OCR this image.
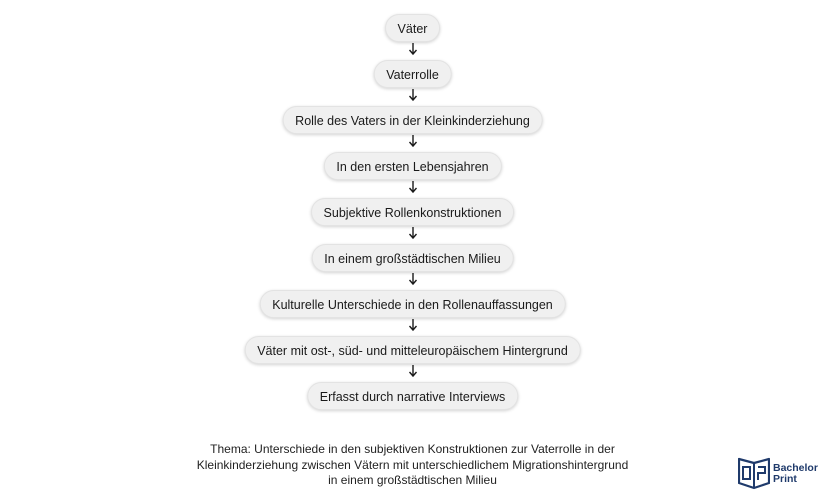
Väter
Vaterrolle
Rolle des Vaters in der Kleinkinderziehung
In den ersten Lebensjahren
Subjektive Rollenkonstruktionen
In einem großstädtischen Milieu
Kulturelle Unterschiede in den Rollenauffassungen
Väter mit ost-, süd- und mitteleuropäischem Hintergrund
Erfasst durch narrative Interviews
Thema: Unterschiede in den subjektiven Konstruktionen zur Vaterrolle in der
Kleinkinderziehung zwischen Vätern mit unterschiedlichem Migrationshintergrund
in einem großstädtischen Milieu
Bachelor
Print
